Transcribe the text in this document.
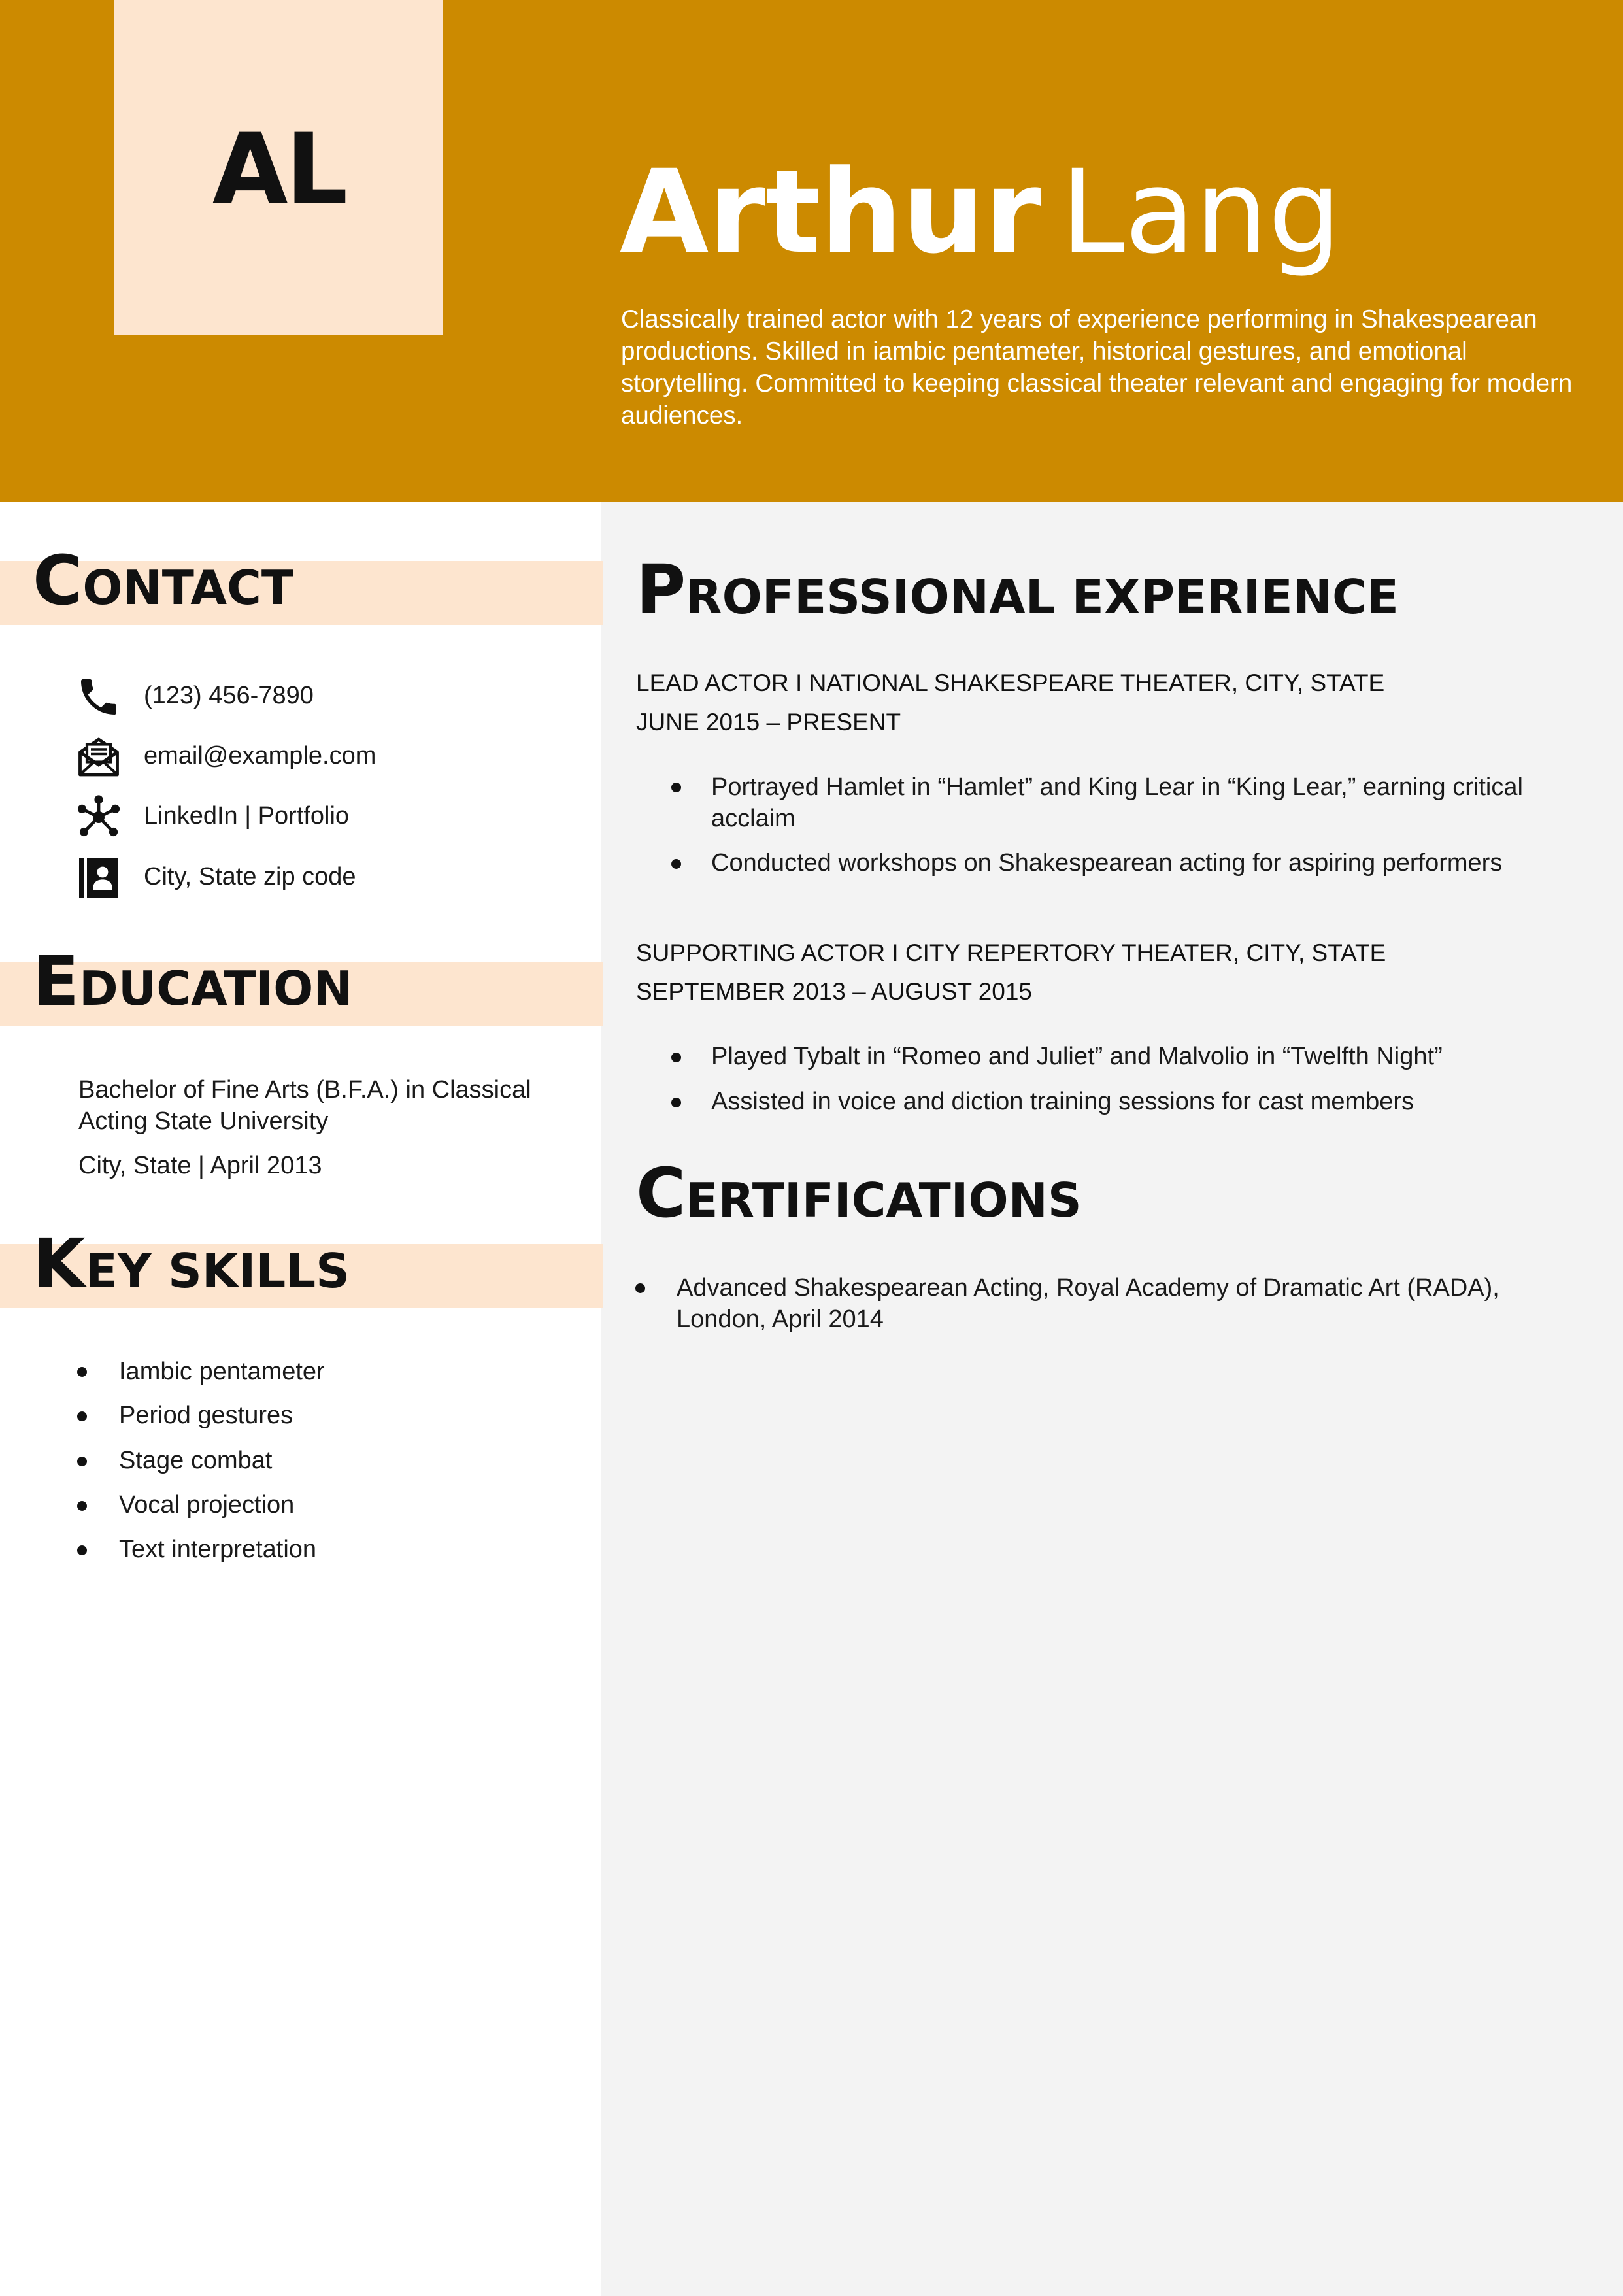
AL	Arthur Lang
Classically trained actor with 12 years of experience performing in Shakespearean productions. Skilled in iambic pentameter, historical gestures, and emotional storytelling. Committed to keeping classical theater relevant and engaging for modern audiences.
CONTACT
(123) 456-7890
email@example.com
LinkedIn | Portfolio
City, State zip code
EDUCATION
Bachelor of Fine Arts (B.F.A.) in Classical Acting State University
City, State | April 2013
KEY SKILLS
Iambic pentameter
Period gestures
Stage combat
Vocal projection
Text interpretation
PROFESSIONAL EXPERIENCE
LEAD ACTOR I NATIONAL SHAKESPEARE THEATER, CITY, STATE
JUNE 2015 – PRESENT
Portrayed Hamlet in “Hamlet” and King Lear in “King Lear,” earning critical acclaim
Conducted workshops on Shakespearean acting for aspiring performers
SUPPORTING ACTOR I CITY REPERTORY THEATER, CITY, STATE
SEPTEMBER 2013 – AUGUST 2015
Played Tybalt in “Romeo and Juliet” and Malvolio in “Twelfth Night”
Assisted in voice and diction training sessions for cast members
CERTIFICATIONS
Advanced Shakespearean Acting, Royal Academy of Dramatic Art (RADA), London, April 2014
